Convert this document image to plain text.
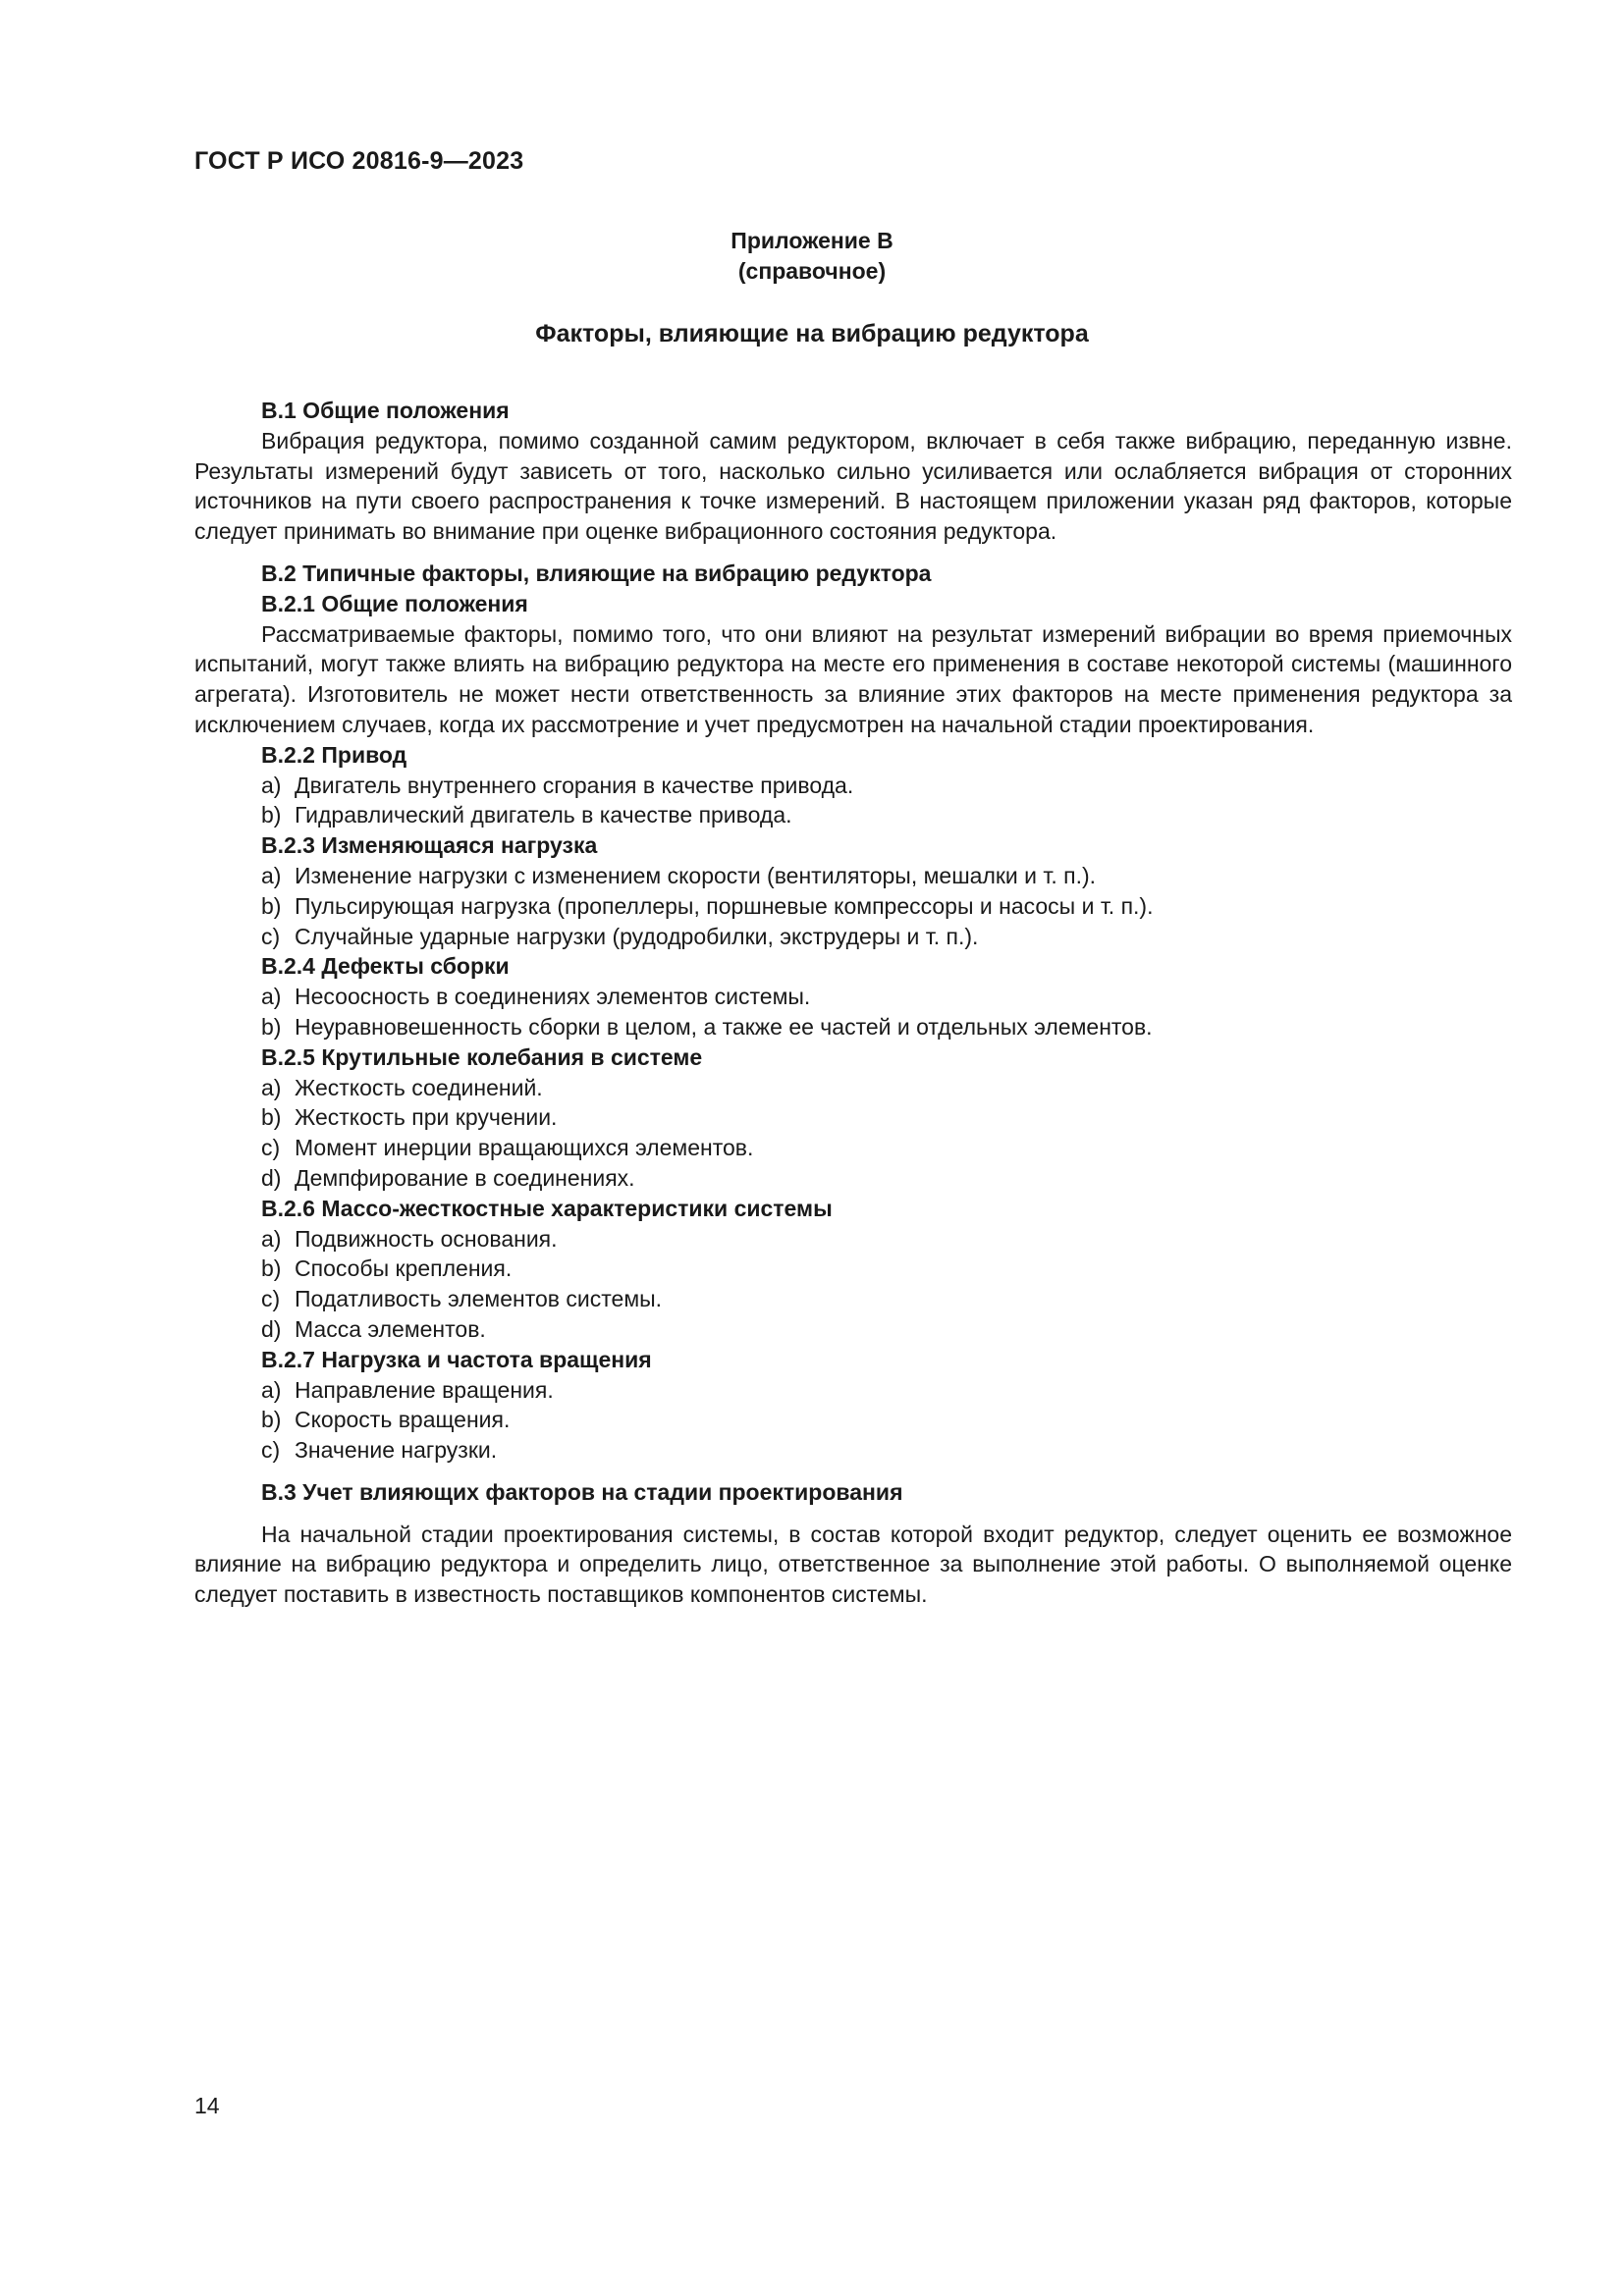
ГОСТ Р ИСО 20816-9—2023
Приложение В
(справочное)
Факторы, влияющие на вибрацию редуктора
В.1 Общие положения

Вибрация редуктора, помимо созданной самим редуктором, включает в себя также вибрацию, переданную извне. Результаты измерений будут зависеть от того, насколько сильно усиливается или ослабляется вибрация от сторонних источников на пути своего распространения к точке измерений. В настоящем приложении указан ряд факторов, которые следует принимать во внимание при оценке вибрационного состояния редуктора.

В.2 Типичные факторы, влияющие на вибрацию редуктора
В.2.1 Общие положения

Рассматриваемые факторы, помимо того, что они влияют на результат измерений вибрации во время приемочных испытаний, могут также влиять на вибрацию редуктора на месте его применения в составе некоторой системы (машинного агрегата). Изготовитель не может нести ответственность за влияние этих факторов на месте применения редуктора за исключением случаев, когда их рассмотрение и учет предусмотрен на начальной стадии проектирования.

В.2.2 Привод
a) Двигатель внутреннего сгорания в качестве привода.
b) Гидравлический двигатель в качестве привода.
В.2.3 Изменяющаяся нагрузка
a) Изменение нагрузки с изменением скорости (вентиляторы, мешалки и т. п.).
b) Пульсирующая нагрузка (пропеллеры, поршневые компрессоры и насосы и т. п.).
c) Случайные ударные нагрузки (рудодробилки, экструдеры и т. п.).
В.2.4 Дефекты сборки
a) Несоосность в соединениях элементов системы.
b) Неуравновешенность сборки в целом, а также ее частей и отдельных элементов.
В.2.5 Крутильные колебания в системе
a) Жесткость соединений.
b) Жесткость при кручении.
c) Момент инерции вращающихся элементов.
d) Демпфирование в соединениях.
В.2.6 Массо-жесткостные характеристики системы
a) Подвижность основания.
b) Способы крепления.
c) Податливость элементов системы.
d) Масса элементов.
В.2.7 Нагрузка и частота вращения
a) Направление вращения.
b) Скорость вращения.
c) Значение нагрузки.
В.3 Учет влияющих факторов на стадии проектирования

На начальной стадии проектирования системы, в состав которой входит редуктор, следует оценить ее возможное влияние на вибрацию редуктора и определить лицо, ответственное за выполнение этой работы. О выполняемой оценке следует поставить в известность поставщиков компонентов системы.

14
